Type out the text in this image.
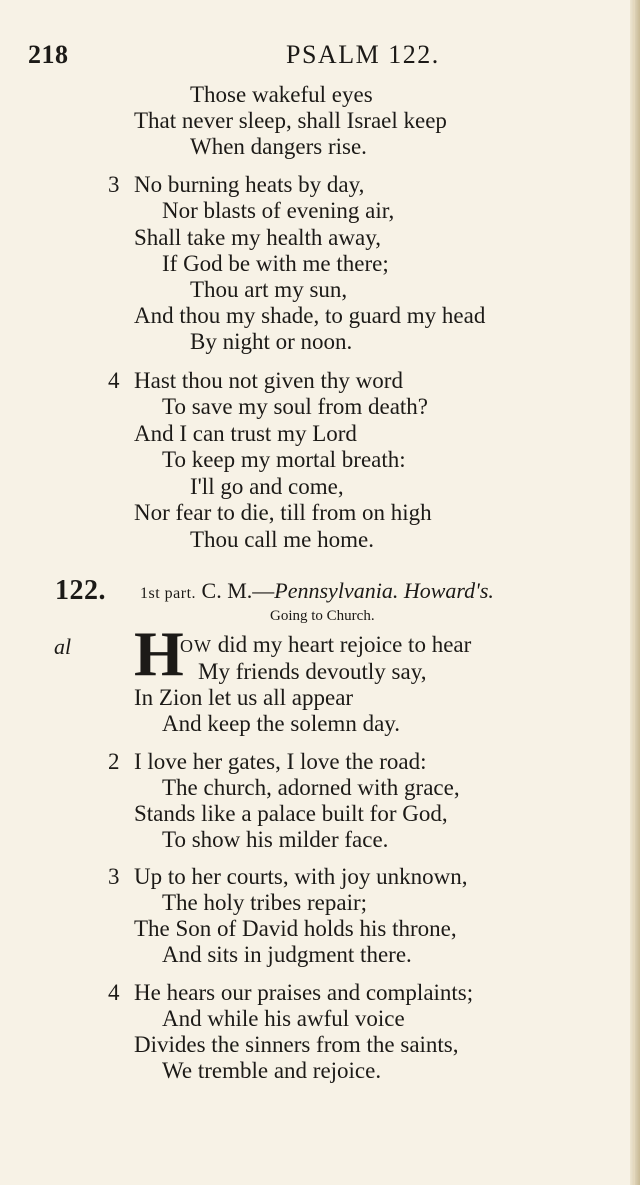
218	PSALM 122.
Those wakeful eyes
That never sleep, shall Israel keep
When dangers rise.
3 No burning heats by day,
Nor blasts of evening air,
Shall take my health away,
If God be with me there;
Thou art my sun,
And thou my shade, to guard my head
By night or noon.
4 Hast thou not given thy word
To save my soul from death?
And I can trust my Lord
To keep my mortal breath:
I'll go and come,
Nor fear to die, till from on high
Thou call me home.
122. 1st part. C. M.—Pennsylvania. Howard's.
Going to Church.
al H
OW did my heart rejoice to hear
My friends devoutly say,
In Zion let us all appear
And keep the solemn day.
2 I love her gates, I love the road:
The church, adorned with grace,
Stands like a palace built for God,
To show his milder face.
3 Up to her courts, with joy unknown,
The holy tribes repair;
The Son of David holds his throne,
And sits in judgment there.
4 He hears our praises and complaints;
And while his awful voice
Divides the sinners from the saints,
We tremble and rejoice.
